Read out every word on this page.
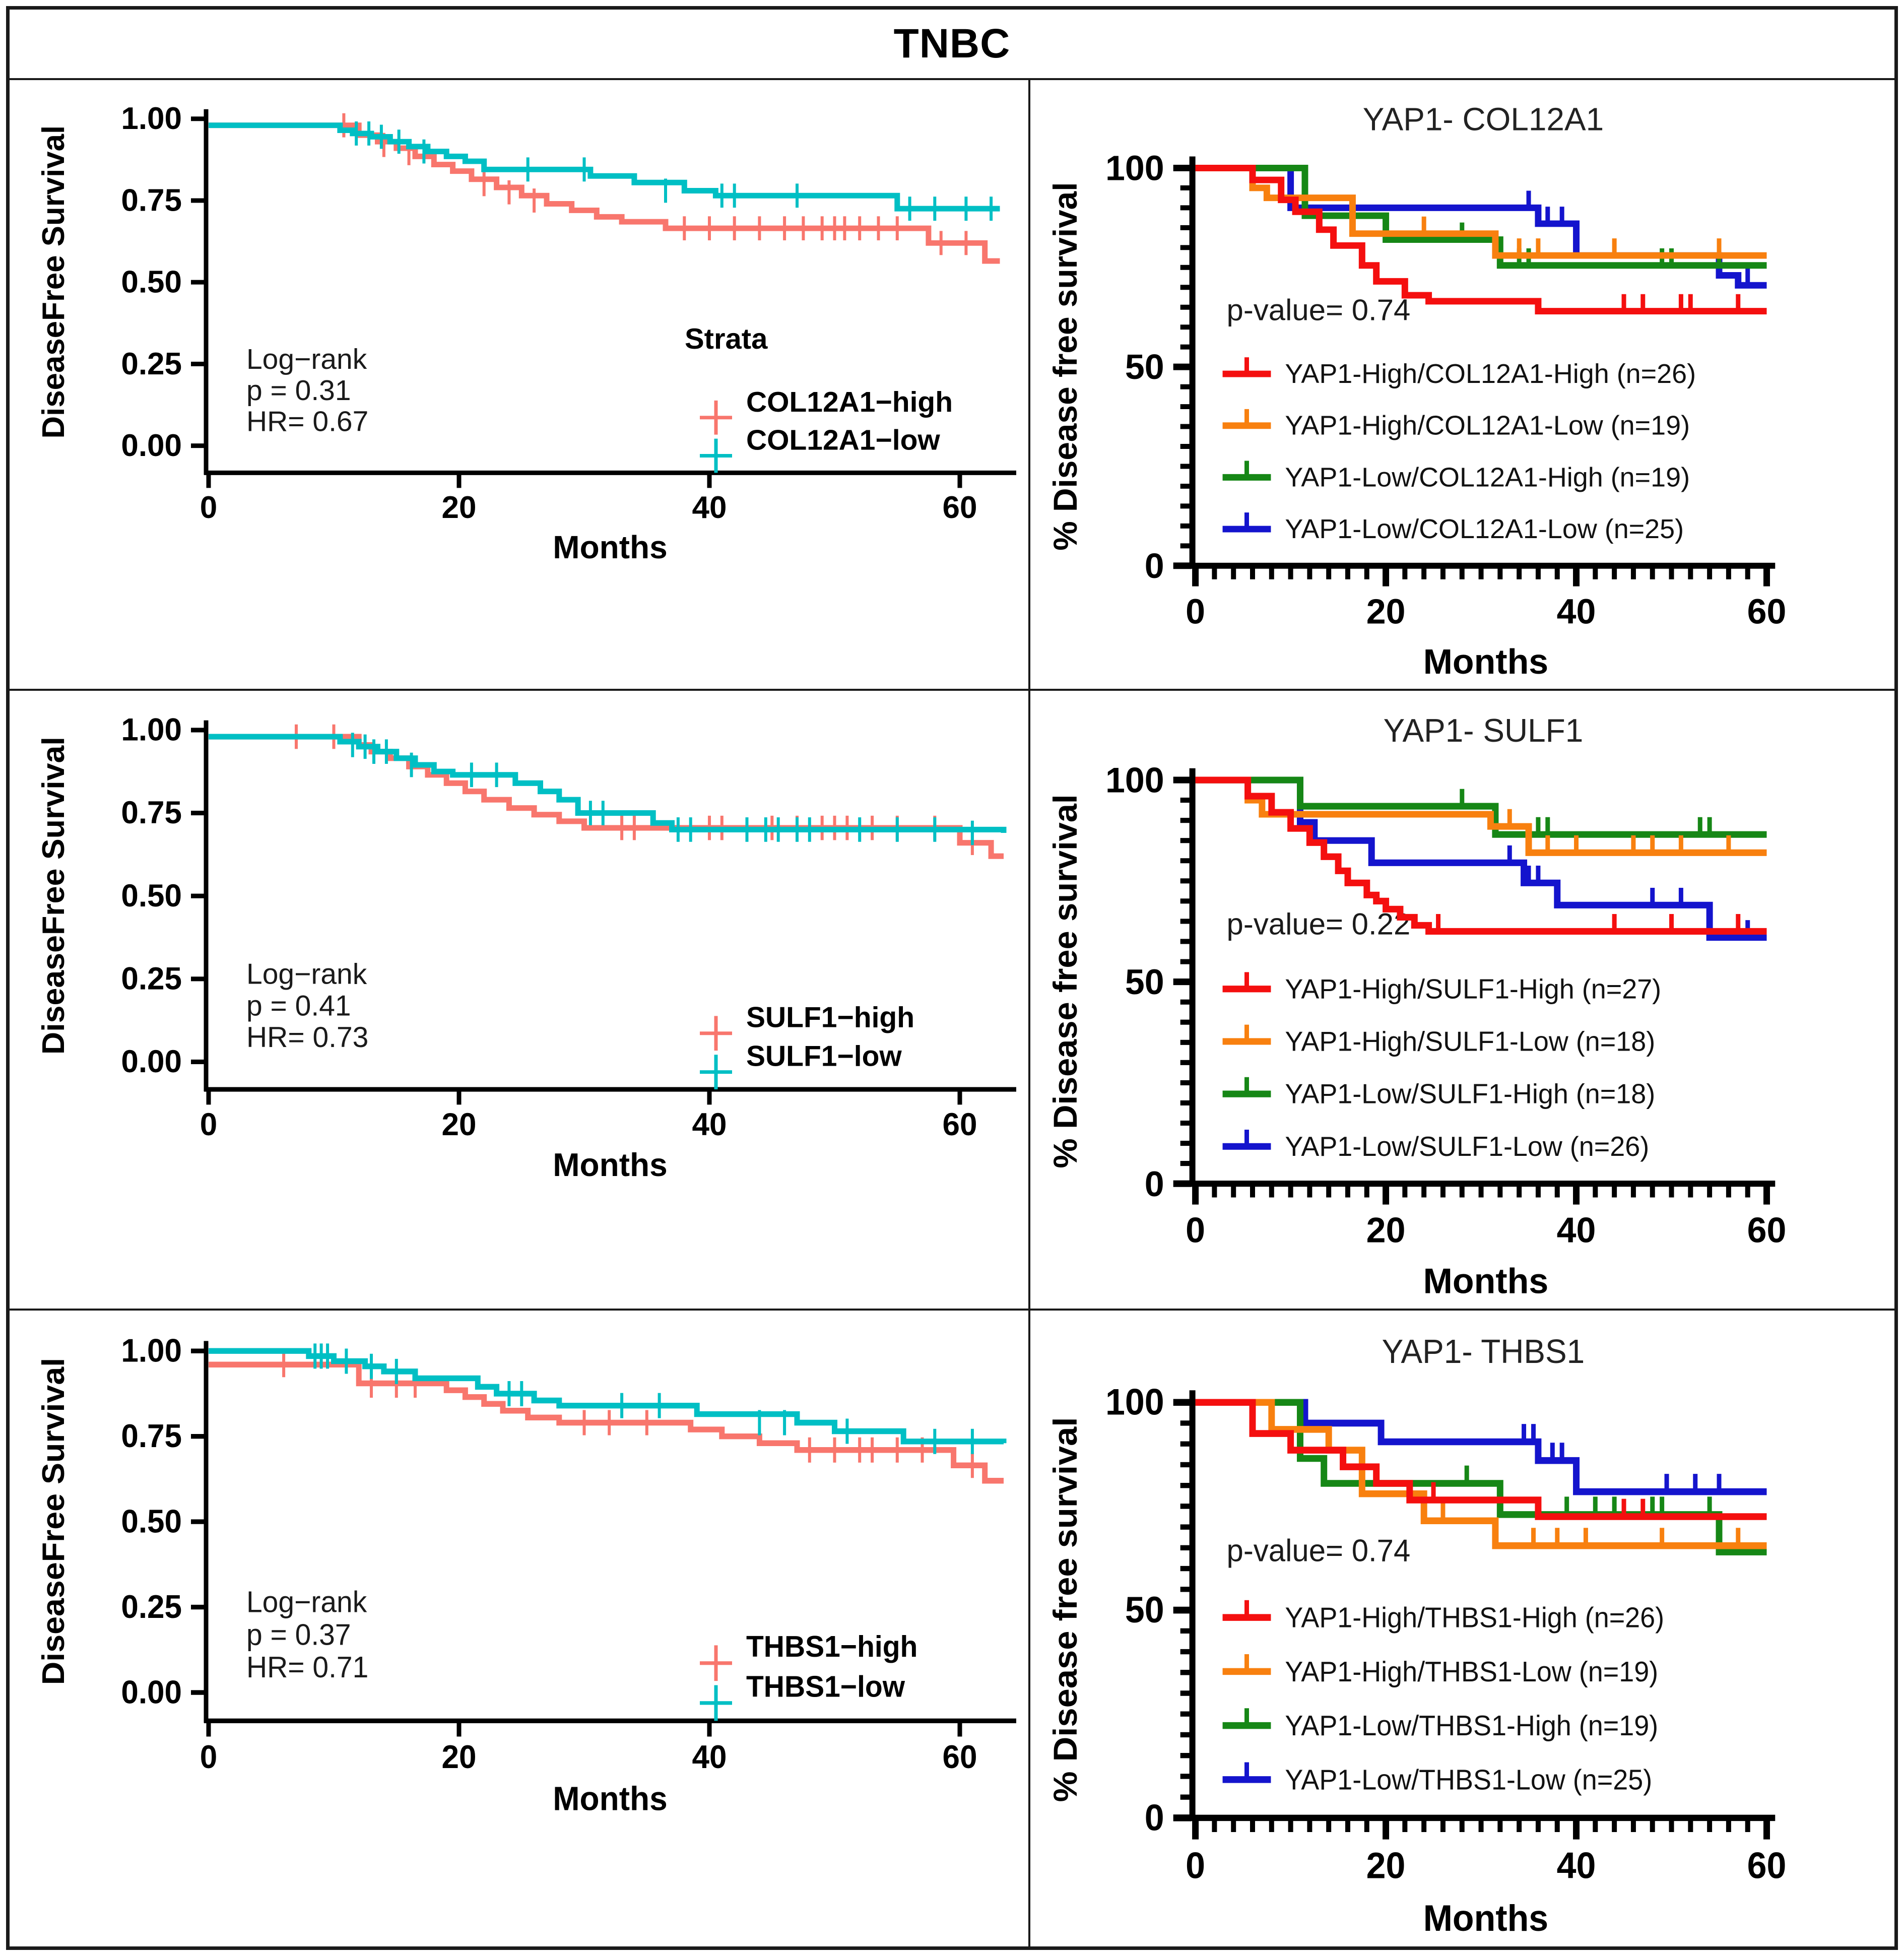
TNBC
1.00
0.75
0.50
0.25
0.00
0	20	40	60
Months
DiseaseFree Survival	Log−rank
p = 0.31
HR= 0.67
Strata
COL12A1−high
COL12A1−low
YAP1- COL12A1
100
50
0
0	20	40	60
Months
% Disease free survival	p-value= 0.74
YAP1-High/COL12A1-High (n=26)
YAP1-High/COL12A1-Low (n=19)
YAP1-Low/COL12A1-High (n=19)
YAP1-Low/COL12A1-Low (n=25)
1.00
0.75
0.50
0.25
0.00
0	20	40	60
Months
DiseaseFree Survival	Log−rank
p = 0.41
HR= 0.73
SULF1−high
SULF1−low
YAP1- SULF1
100
50
0
0	20	40	60
Months
% Disease free survival	p-value= 0.22
YAP1-High/SULF1-High (n=27)
YAP1-High/SULF1-Low (n=18)
YAP1-Low/SULF1-High (n=18)
YAP1-Low/SULF1-Low (n=26)
1.00
0.75
0.50
0.25
0.00
0	20	40	60
Months
DiseaseFree Survival	Log−rank
p = 0.37
HR= 0.71
THBS1−high
THBS1−low
YAP1- THBS1
100
50
0
0	20	40	60
Months
% Disease free survival	p-value= 0.74
YAP1-High/THBS1-High (n=26)
YAP1-High/THBS1-Low (n=19)
YAP1-Low/THBS1-High (n=19)
YAP1-Low/THBS1-Low (n=25)
